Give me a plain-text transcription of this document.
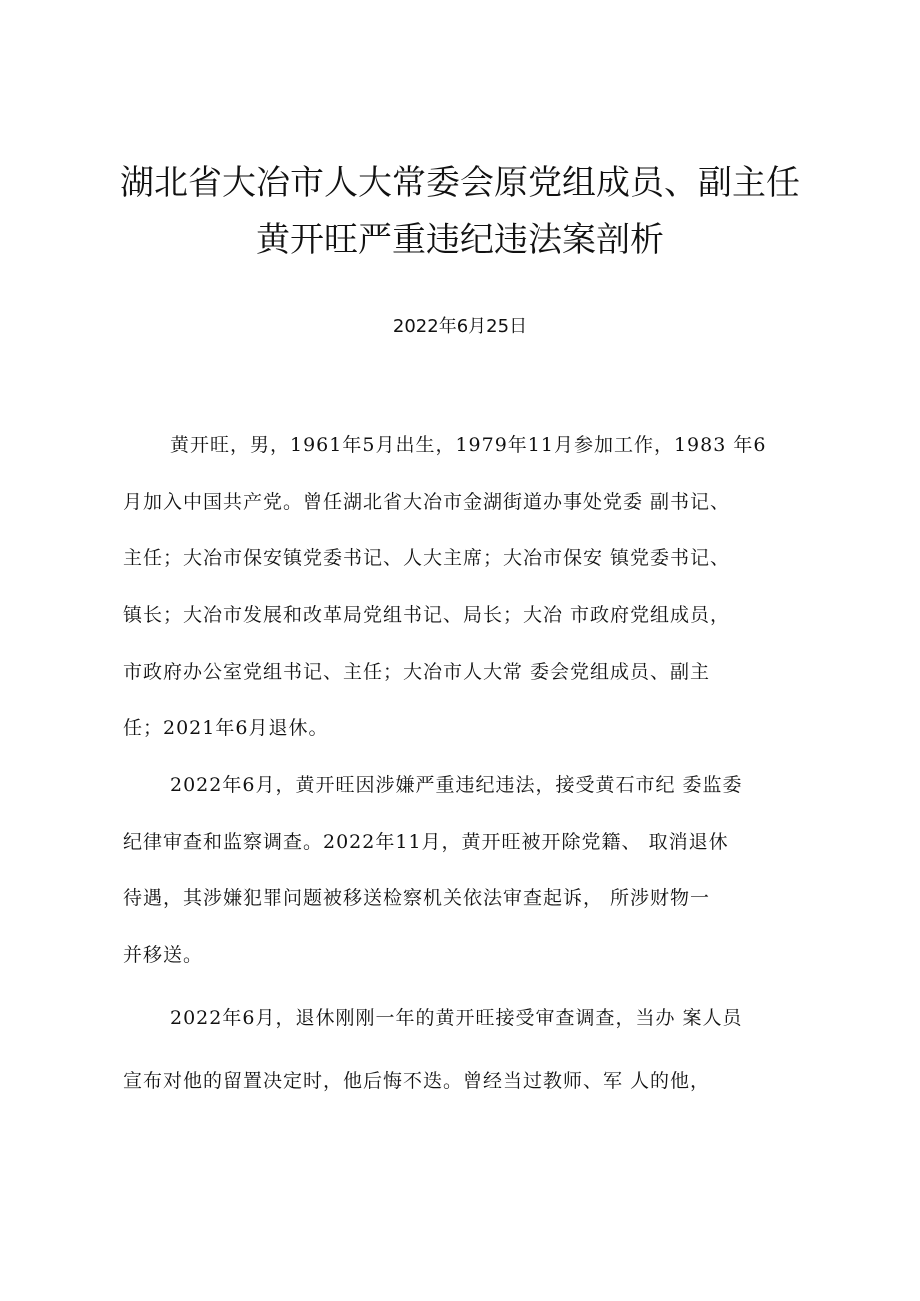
湖北省大冶市人大常委会原党组成员、副主任
黄开旺严重违纪违法案剖析
2022年6月25日
黄开旺，男，1961年5月出生，1979年11月参加工作，1983 年6
月加入中国共产党。曾任湖北省大冶市金湖街道办事处党委 副书记、
主任；大冶市保安镇党委书记、人大主席；大冶市保安 镇党委书记、
镇长；大冶市发展和改革局党组书记、局长；大冶 市政府党组成员，
市政府办公室党组书记、主任；大冶市人大常 委会党组成员、副主
任；2021年6月退休。
2022年6月，黄开旺因涉嫌严重违纪违法，接受黄石市纪 委监委
纪律审查和监察调查。2022年11月，黄开旺被开除党籍、 取消退休
待遇，其涉嫌犯罪问题被移送检察机关依法审查起诉， 所涉财物一
并移送。
2022年6月，退休刚刚一年的黄开旺接受审查调查，当办 案人员
宣布对他的留置决定时，他后悔不迭。曾经当过教师、军 人的他，
